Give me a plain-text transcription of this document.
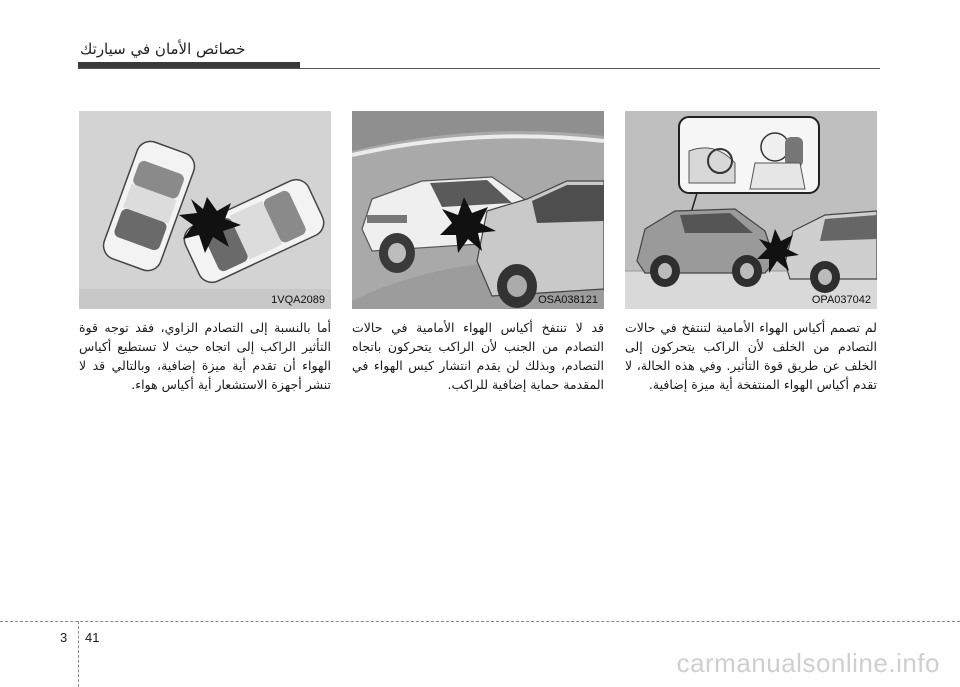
خصائص الأمان في سيارتك
1VQA2089	OSA038121	OPA037042
أما بالنسبة إلى التصادم الزاوي، فقد توجه قوة التأثير الراكب إلى اتجاه حيث لا تستطيع أكياس الهواء أن تقدم أية ميزة إضافية، وبالتالي قد لا تنشر أجهزة الاستشعار أية أكياس هواء.
قد لا تنتفخ أكياس الهواء الأمامية في حالات التصادم من الجنب لأن الراكب يتحركون باتجاه التصادم، وبذلك لن يقدم انتشار كيس الهواء في المقدمة حماية إضافية للراكب.
لم تصمم أكياس الهواء الأمامية لتنتفخ في حالات التصادم من الخلف لأن الراكب يتحركون إلى الخلف عن طريق قوة التأثير. وفي هذه الحالة، لا تقدم أكياس الهواء المنتفخة أية ميزة إضافية.
3 41
carmanualsonline.info
